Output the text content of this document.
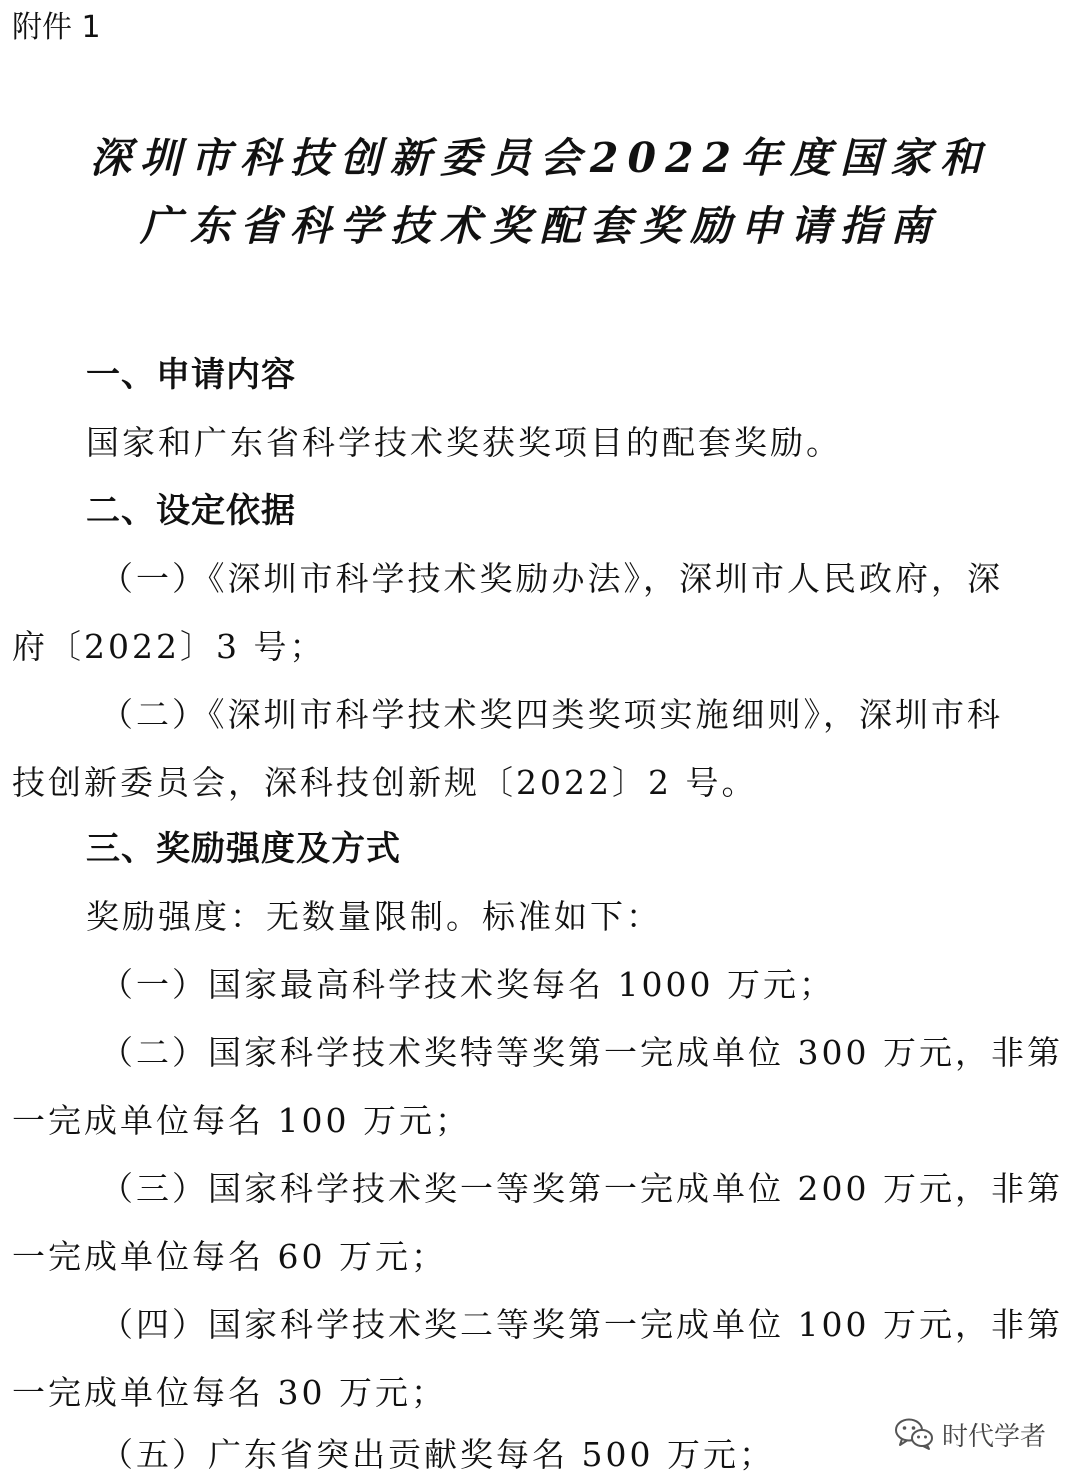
附件 1
深圳市科技创新委员会2022年度国家和
广东省科学技术奖配套奖励申请指南
一、申请内容
国家和广东省科学技术奖获奖项目的配套奖励。
二、设定依据
（一）《深圳市科学技术奖励办法》，深圳市人民政府，深
府〔2022〕3 号；
（二）《深圳市科学技术奖四类奖项实施细则》，深圳市科
技创新委员会，深科技创新规〔2022〕2 号。
三、奖励强度及方式
奖励强度：无数量限制。标准如下：
（一）国家最高科学技术奖每名 1000 万元；
（二）国家科学技术奖特等奖第一完成单位 300 万元，非第
一完成单位每名 100 万元；
（三）国家科学技术奖一等奖第一完成单位 200 万元，非第
一完成单位每名 60 万元；
（四）国家科学技术奖二等奖第一完成单位 100 万元，非第
一完成单位每名 30 万元；
（五）广东省突出贡献奖每名 500 万元；	时代学者
